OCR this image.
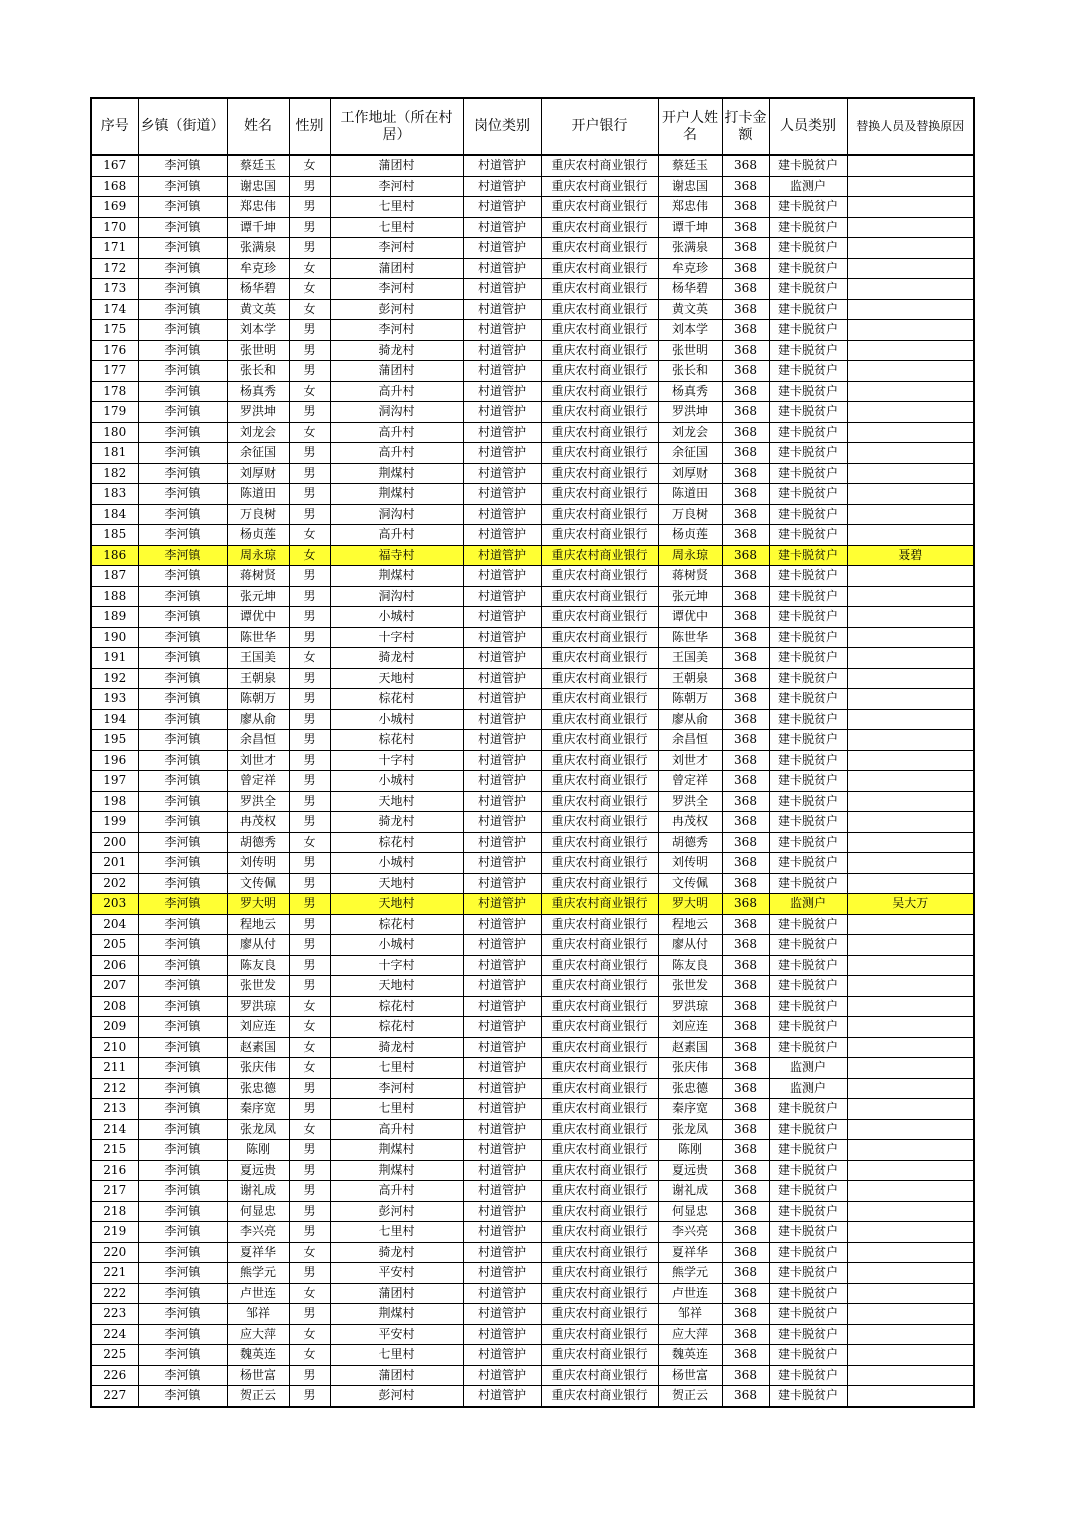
序号	乡镇（街道）	姓名	性别	工作地址（所在村居）	岗位类别	开户银行	开户人姓名	打卡金额	人员类别	替换人员及替换原因
167	李河镇	蔡廷玉	女	蒲团村	村道管护	重庆农村商业银行	蔡廷玉	368	建卡脱贫户	
168	李河镇	谢忠国	男	李河村	村道管护	重庆农村商业银行	谢忠国	368	监测户	
169	李河镇	郑忠伟	男	七里村	村道管护	重庆农村商业银行	郑忠伟	368	建卡脱贫户	
170	李河镇	谭千坤	男	七里村	村道管护	重庆农村商业银行	谭千坤	368	建卡脱贫户	
171	李河镇	张满泉	男	李河村	村道管护	重庆农村商业银行	张满泉	368	建卡脱贫户	
172	李河镇	牟克珍	女	蒲团村	村道管护	重庆农村商业银行	牟克珍	368	建卡脱贫户	
173	李河镇	杨华碧	女	李河村	村道管护	重庆农村商业银行	杨华碧	368	建卡脱贫户	
174	李河镇	黄文英	女	彭河村	村道管护	重庆农村商业银行	黄文英	368	建卡脱贫户	
175	李河镇	刘本学	男	李河村	村道管护	重庆农村商业银行	刘本学	368	建卡脱贫户	
176	李河镇	张世明	男	骑龙村	村道管护	重庆农村商业银行	张世明	368	建卡脱贫户	
177	李河镇	张长和	男	蒲团村	村道管护	重庆农村商业银行	张长和	368	建卡脱贫户	
178	李河镇	杨真秀	女	高升村	村道管护	重庆农村商业银行	杨真秀	368	建卡脱贫户	
179	李河镇	罗洪坤	男	洞沟村	村道管护	重庆农村商业银行	罗洪坤	368	建卡脱贫户	
180	李河镇	刘龙会	女	高升村	村道管护	重庆农村商业银行	刘龙会	368	建卡脱贫户	
181	李河镇	余征国	男	高升村	村道管护	重庆农村商业银行	余征国	368	建卡脱贫户	
182	李河镇	刘厚财	男	荆煤村	村道管护	重庆农村商业银行	刘厚财	368	建卡脱贫户	
183	李河镇	陈道田	男	荆煤村	村道管护	重庆农村商业银行	陈道田	368	建卡脱贫户	
184	李河镇	万良树	男	洞沟村	村道管护	重庆农村商业银行	万良树	368	建卡脱贫户	
185	李河镇	杨贞莲	女	高升村	村道管护	重庆农村商业银行	杨贞莲	368	建卡脱贫户	
186	李河镇	周永琼	女	福寺村	村道管护	重庆农村商业银行	周永琼	368	建卡脱贫户	聂碧
187	李河镇	蒋树贤	男	荆煤村	村道管护	重庆农村商业银行	蒋树贤	368	建卡脱贫户	
188	李河镇	张元坤	男	洞沟村	村道管护	重庆农村商业银行	张元坤	368	建卡脱贫户	
189	李河镇	谭优中	男	小城村	村道管护	重庆农村商业银行	谭优中	368	建卡脱贫户	
190	李河镇	陈世华	男	十字村	村道管护	重庆农村商业银行	陈世华	368	建卡脱贫户	
191	李河镇	王国美	女	骑龙村	村道管护	重庆农村商业银行	王国美	368	建卡脱贫户	
192	李河镇	王朝泉	男	天地村	村道管护	重庆农村商业银行	王朝泉	368	建卡脱贫户	
193	李河镇	陈朝万	男	棕花村	村道管护	重庆农村商业银行	陈朝万	368	建卡脱贫户	
194	李河镇	廖从俞	男	小城村	村道管护	重庆农村商业银行	廖从俞	368	建卡脱贫户	
195	李河镇	余昌恒	男	棕花村	村道管护	重庆农村商业银行	余昌恒	368	建卡脱贫户	
196	李河镇	刘世才	男	十字村	村道管护	重庆农村商业银行	刘世才	368	建卡脱贫户	
197	李河镇	曾定祥	男	小城村	村道管护	重庆农村商业银行	曾定祥	368	建卡脱贫户	
198	李河镇	罗洪全	男	天地村	村道管护	重庆农村商业银行	罗洪全	368	建卡脱贫户	
199	李河镇	冉茂权	男	骑龙村	村道管护	重庆农村商业银行	冉茂权	368	建卡脱贫户	
200	李河镇	胡德秀	女	棕花村	村道管护	重庆农村商业银行	胡德秀	368	建卡脱贫户	
201	李河镇	刘传明	男	小城村	村道管护	重庆农村商业银行	刘传明	368	建卡脱贫户	
202	李河镇	文传佩	男	天地村	村道管护	重庆农村商业银行	文传佩	368	建卡脱贫户	
203	李河镇	罗大明	男	天地村	村道管护	重庆农村商业银行	罗大明	368	监测户	吴大万
204	李河镇	程地云	男	棕花村	村道管护	重庆农村商业银行	程地云	368	建卡脱贫户	
205	李河镇	廖从付	男	小城村	村道管护	重庆农村商业银行	廖从付	368	建卡脱贫户	
206	李河镇	陈友良	男	十字村	村道管护	重庆农村商业银行	陈友良	368	建卡脱贫户	
207	李河镇	张世发	男	天地村	村道管护	重庆农村商业银行	张世发	368	建卡脱贫户	
208	李河镇	罗洪琼	女	棕花村	村道管护	重庆农村商业银行	罗洪琼	368	建卡脱贫户	
209	李河镇	刘应连	女	棕花村	村道管护	重庆农村商业银行	刘应连	368	建卡脱贫户	
210	李河镇	赵素国	女	骑龙村	村道管护	重庆农村商业银行	赵素国	368	建卡脱贫户	
211	李河镇	张庆伟	女	七里村	村道管护	重庆农村商业银行	张庆伟	368	监测户	
212	李河镇	张忠德	男	李河村	村道管护	重庆农村商业银行	张忠德	368	监测户	
213	李河镇	秦序宽	男	七里村	村道管护	重庆农村商业银行	秦序宽	368	建卡脱贫户	
214	李河镇	张龙凤	女	高升村	村道管护	重庆农村商业银行	张龙凤	368	建卡脱贫户	
215	李河镇	陈刚	男	荆煤村	村道管护	重庆农村商业银行	陈刚	368	建卡脱贫户	
216	李河镇	夏远贵	男	荆煤村	村道管护	重庆农村商业银行	夏远贵	368	建卡脱贫户	
217	李河镇	谢礼成	男	高升村	村道管护	重庆农村商业银行	谢礼成	368	建卡脱贫户	
218	李河镇	何显忠	男	彭河村	村道管护	重庆农村商业银行	何显忠	368	建卡脱贫户	
219	李河镇	李兴亮	男	七里村	村道管护	重庆农村商业银行	李兴亮	368	建卡脱贫户	
220	李河镇	夏祥华	女	骑龙村	村道管护	重庆农村商业银行	夏祥华	368	建卡脱贫户	
221	李河镇	熊学元	男	平安村	村道管护	重庆农村商业银行	熊学元	368	建卡脱贫户	
222	李河镇	卢世连	女	蒲团村	村道管护	重庆农村商业银行	卢世连	368	建卡脱贫户	
223	李河镇	邹祥	男	荆煤村	村道管护	重庆农村商业银行	邹祥	368	建卡脱贫户	
224	李河镇	应大萍	女	平安村	村道管护	重庆农村商业银行	应大萍	368	建卡脱贫户	
225	李河镇	魏英连	女	七里村	村道管护	重庆农村商业银行	魏英连	368	建卡脱贫户	
226	李河镇	杨世富	男	蒲团村	村道管护	重庆农村商业银行	杨世富	368	建卡脱贫户	
227	李河镇	贺正云	男	彭河村	村道管护	重庆农村商业银行	贺正云	368	建卡脱贫户	
